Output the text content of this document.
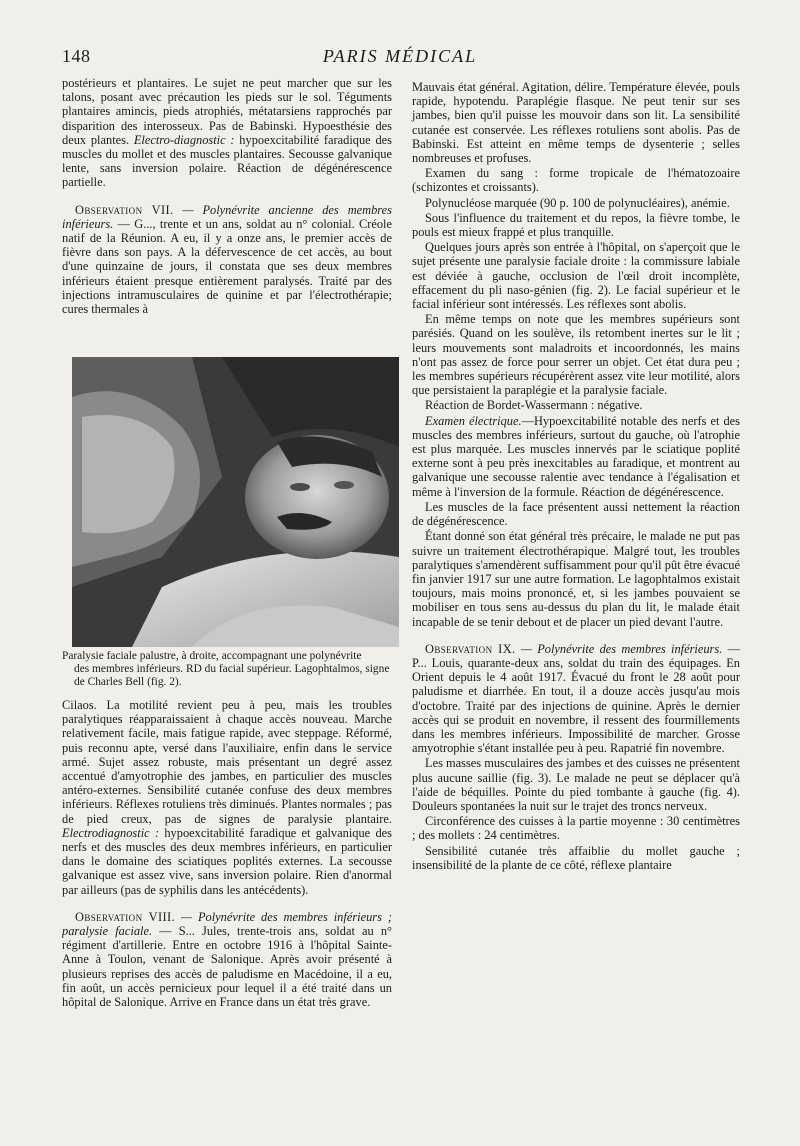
148	PARIS MÉDICAL

postérieurs et plantaires. Le sujet ne peut marcher que sur les talons, posant avec précaution les pieds sur le sol. Téguments plantaires amincis, pieds atrophiés, métatarsiens rapprochés par disparition des interosseux. Pas de Babinski. Hypoesthésie des deux plantes. Electro-diagnostic : hypoexcitabilité faradique des muscles du mollet et des muscles plantaires. Secousse galvanique lente, sans inversion polaire. Réaction de dégénérescence partielle.

Observation VII. — Polynévrite ancienne des membres inférieurs. — G..., trente et un ans, soldat au n° colonial. Créole natif de la Réunion. A eu, il y a onze ans, le premier accès de fièvre dans son pays. A la défervescence de cet accès, au bout d'une quinzaine de jours, il constata que ses deux membres inférieurs étaient presque entièrement paralysés. Traité par des injections intramusculaires de quinine et par l'électrothérapie; cures thermales à

Paralysie faciale palustre, à droite, accompagnant une polynévrite
des membres inférieurs. RD du facial supérieur. Lagophtalmos, signe
de Charles Bell (fig. 2).

Cilaos. La motilité revient peu à peu, mais les troubles paralytiques réapparaissaient à chaque accès nouveau. Marche relativement facile, mais fatigue rapide, avec steppage. Réformé, puis reconnu apte, versé dans l'auxiliaire, enfin dans le service armé. Sujet assez robuste, mais présentant un degré assez accentué d'amyotrophie des jambes, en particulier des muscles antéro-externes. Sensibilité cutanée confuse des deux membres inférieurs. Réflexes rotuliens très diminués. Plantes normales ; pas de pied creux, pas de signes de paralysie plantaire. Electrodiagnostic : hypoexcitabilité faradique et galvanique des nerfs et des muscles des deux membres inférieurs, en particulier dans le domaine des sciatiques poplités externes. La secousse galvanique est assez vive, sans inversion polaire. Rien d'anormal par ailleurs (pas de syphilis dans les antécédents).

Observation VIII. — Polynévrite des membres inférieurs ; paralysie faciale. — S... Jules, trente-trois ans, soldat au n° régiment d'artillerie. Entre en octobre 1916 à l'hôpital Sainte-Anne à Toulon, venant de Salonique. Après avoir présenté à plusieurs reprises des accès de paludisme en Macédoine, il a eu, fin août, un accès pernicieux pour lequel il a été traité dans un hôpital de Salonique. Arrive en France dans un état très grave.

Mauvais état général. Agitation, délire. Température élevée, pouls rapide, hypotendu. Paraplégie flasque. Ne peut tenir sur ses jambes, bien qu'il puisse les mouvoir dans son lit. La sensibilité cutanée est conservée. Les réflexes rotuliens sont abolis. Pas de Babinski. Est atteint en même temps de dysenterie ; selles nombreuses et profuses.

Examen du sang : forme tropicale de l'hématozoaire (schizontes et croissants).

Polynucléose marquée (90 p. 100 de polynucléaires), anémie.

Sous l'influence du traitement et du repos, la fièvre tombe, le pouls est mieux frappé et plus tranquille.

Quelques jours après son entrée à l'hôpital, on s'aperçoit que le sujet présente une paralysie faciale droite : la commissure labiale est déviée à gauche, occlusion de l'œil droit incomplète, effacement du pli naso-génien (fig. 2). Le facial supérieur et le facial inférieur sont intéressés. Les réflexes sont abolis.

En même temps on note que les membres supérieurs sont parésiés. Quand on les soulève, ils retombent inertes sur le lit ; leurs mouvements sont maladroits et incoordonnés, les mains n'ont pas assez de force pour serrer un objet. Cet état dura peu ; les membres supérieurs récupérèrent assez vite leur motilité, alors que persistaient la paraplégie et la paralysie faciale.

Réaction de Bordet-Wassermann : négative.

Examen électrique.—Hypoexcitabilité notable des nerfs et des muscles des membres inférieurs, surtout du gauche, où l'atrophie est plus marquée. Les muscles innervés par le sciatique poplité externe sont à peu près inexcitables au faradique, et montrent au galvanique une secousse ralentie avec tendance à l'égalisation et même à l'inversion de la formule. Réaction de dégénérescence.

Les muscles de la face présentent aussi nettement la réaction de dégénérescence.

Étant donné son état général très précaire, le malade ne put pas suivre un traitement électrothérapique. Malgré tout, les troubles paralytiques s'amendèrent suffisamment pour qu'il pût être évacué fin janvier 1917 sur une autre formation. Le lagophtalmos existait toujours, mais moins prononcé, et, si les jambes pouvaient se mobiliser en tous sens au-dessus du plan du lit, le malade était incapable de se tenir debout et de placer un pied devant l'autre.

Observation IX. — Polynévrite des membres inférieurs. — P... Louis, quarante-deux ans, soldat du train des équipages. En Orient depuis le 4 août 1917. Évacué du front le 28 août pour paludisme et diarrhée. En tout, il a douze accès jusqu'au mois d'octobre. Traité par des injections de quinine. Après le dernier accès qui se produit en novembre, il ressent des fourmillements dans les membres inférieurs. Impossibilité de marcher. Grosse amyotrophie s'étant installée peu à peu. Rapatrié fin novembre.

Les masses musculaires des jambes et des cuisses ne présentent plus aucune saillie (fig. 3). Le malade ne peut se déplacer qu'à l'aide de béquilles. Pointe du pied tombante à gauche (fig. 4). Douleurs spontanées la nuit sur le trajet des troncs nerveux.

Circonférence des cuisses à la partie moyenne : 30 centimètres ; des mollets : 24 centimètres.

Sensibilité cutanée très affaiblie du mollet gauche ; insensibilité de la plante de ce côté, réflexe plantaire
